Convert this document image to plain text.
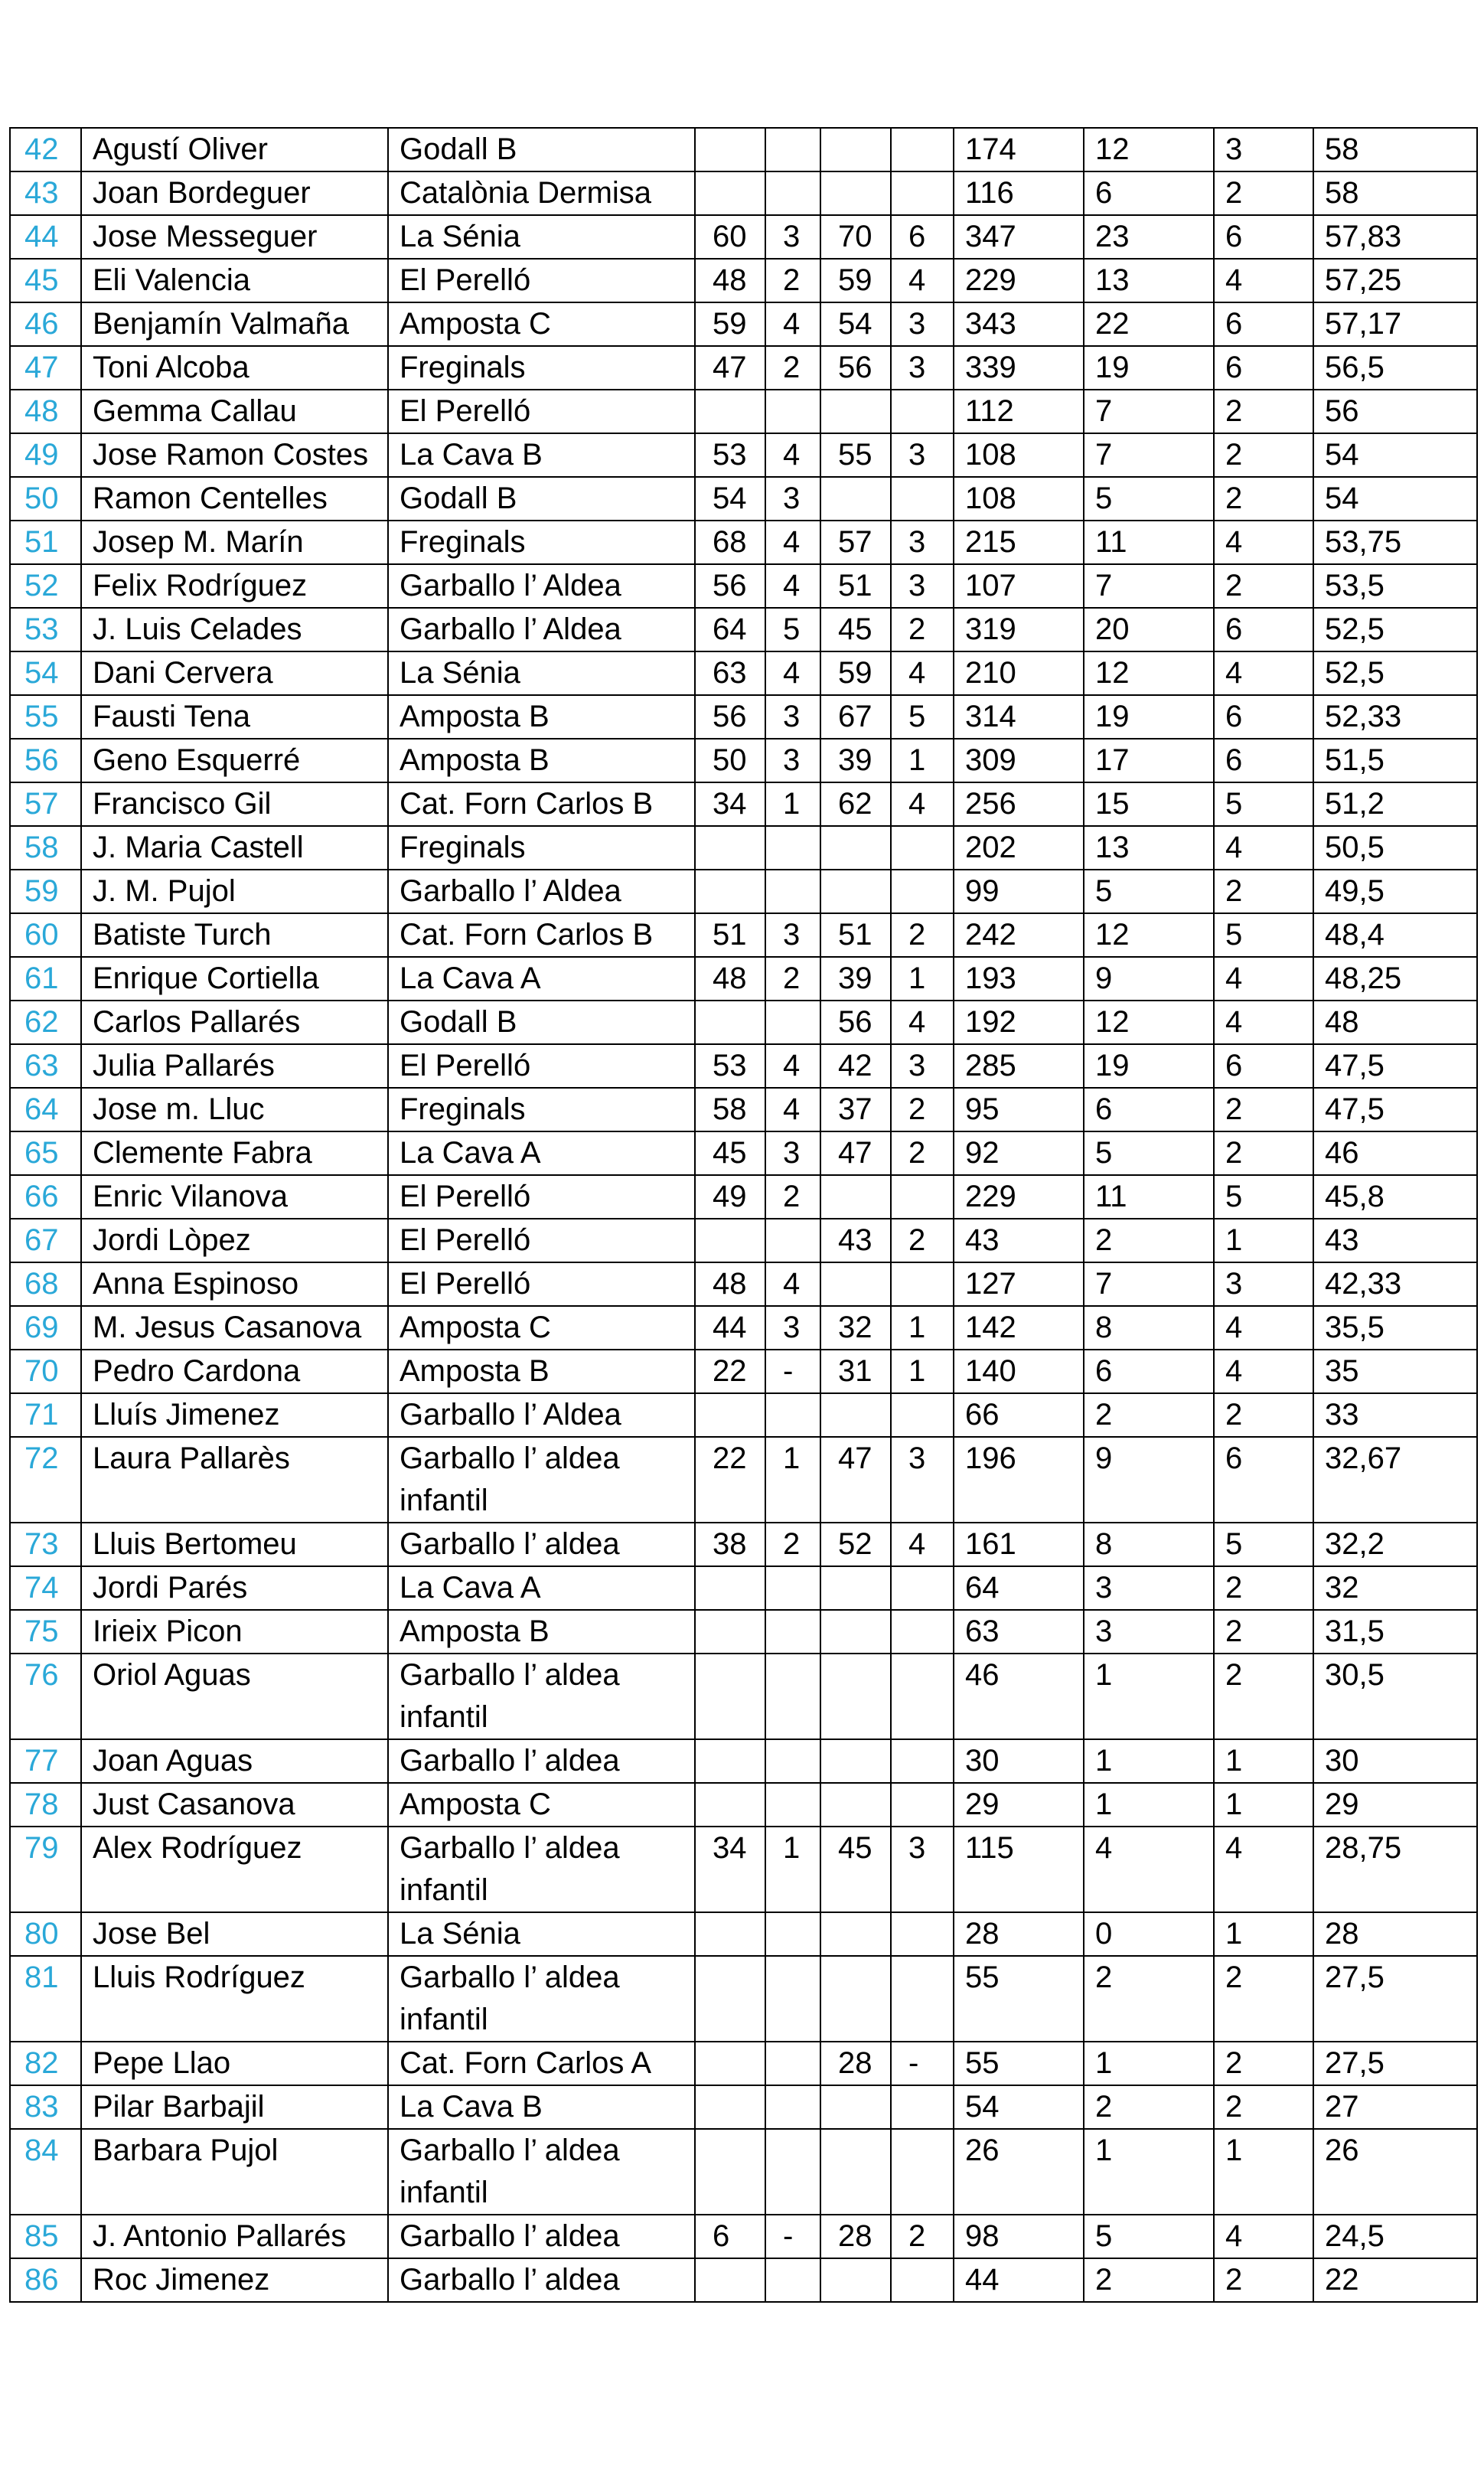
42	Agustí Oliver	Godall B					174	12	3	58
43	Joan Bordeguer	Catalònia Dermisa					116	6	2	58
44	Jose Messeguer	La Sénia	60	3	70	6	347	23	6	57,83
45	Eli Valencia	El Perelló	48	2	59	4	229	13	4	57,25
46	Benjamín Valmaña	Amposta C	59	4	54	3	343	22	6	57,17
47	Toni Alcoba	Freginals	47	2	56	3	339	19	6	56,5
48	Gemma Callau	El Perelló					112	7	2	56
49	Jose Ramon Costes	La Cava B	53	4	55	3	108	7	2	54
50	Ramon Centelles	Godall B	54	3			108	5	2	54
51	Josep M. Marín	Freginals	68	4	57	3	215	11	4	53,75
52	Felix Rodríguez	Garballo l’ Aldea	56	4	51	3	107	7	2	53,5
53	J. Luis Celades	Garballo l’ Aldea	64	5	45	2	319	20	6	52,5
54	Dani Cervera	La Sénia	63	4	59	4	210	12	4	52,5
55	Fausti Tena	Amposta B	56	3	67	5	314	19	6	52,33
56	Geno Esquerré	Amposta B	50	3	39	1	309	17	6	51,5
57	Francisco Gil	Cat. Forn Carlos B	34	1	62	4	256	15	5	51,2
58	J. Maria Castell	Freginals					202	13	4	50,5
59	J. M. Pujol	Garballo l’ Aldea					99	5	2	49,5
60	Batiste Turch	Cat. Forn Carlos B	51	3	51	2	242	12	5	48,4
61	Enrique Cortiella	La Cava A	48	2	39	1	193	9	4	48,25
62	Carlos Pallarés	Godall B			56	4	192	12	4	48
63	Julia Pallarés	El Perelló	53	4	42	3	285	19	6	47,5
64	Jose m. Lluc	Freginals	58	4	37	2	95	6	2	47,5
65	Clemente Fabra	La Cava A	45	3	47	2	92	5	2	46
66	Enric Vilanova	El Perelló	49	2			229	11	5	45,8
67	Jordi Lòpez	El Perelló			43	2	43	2	1	43
68	Anna Espinoso	El Perelló	48	4			127	7	3	42,33
69	M. Jesus Casanova	Amposta C	44	3	32	1	142	8	4	35,5
70	Pedro Cardona	Amposta B	22	-	31	1	140	6	4	35
71	Lluís Jimenez	Garballo l’ Aldea					66	2	2	33
72	Laura Pallarès	Garballo l’ aldea infantil	22	1	47	3	196	9	6	32,67
73	Lluis Bertomeu	Garballo l’ aldea	38	2	52	4	161	8	5	32,2
74	Jordi Parés	La Cava A					64	3	2	32
75	Irieix Picon	Amposta B					63	3	2	31,5
76	Oriol Aguas	Garballo l’ aldea infantil					46	1	2	30,5
77	Joan Aguas	Garballo l’ aldea					30	1	1	30
78	Just Casanova	Amposta C					29	1	1	29
79	Alex Rodríguez	Garballo l’ aldea infantil	34	1	45	3	115	4	4	28,75
80	Jose Bel	La Sénia					28	0	1	28
81	Lluis Rodríguez	Garballo l’ aldea infantil					55	2	2	27,5
82	Pepe Llao	Cat. Forn Carlos A			28	-	55	1	2	27,5
83	Pilar Barbajil	La Cava B					54	2	2	27
84	Barbara Pujol	Garballo l’ aldea infantil					26	1	1	26
85	J. Antonio Pallarés	Garballo l’ aldea	6	-	28	2	98	5	4	24,5
86	Roc Jimenez	Garballo l’ aldea					44	2	2	22
